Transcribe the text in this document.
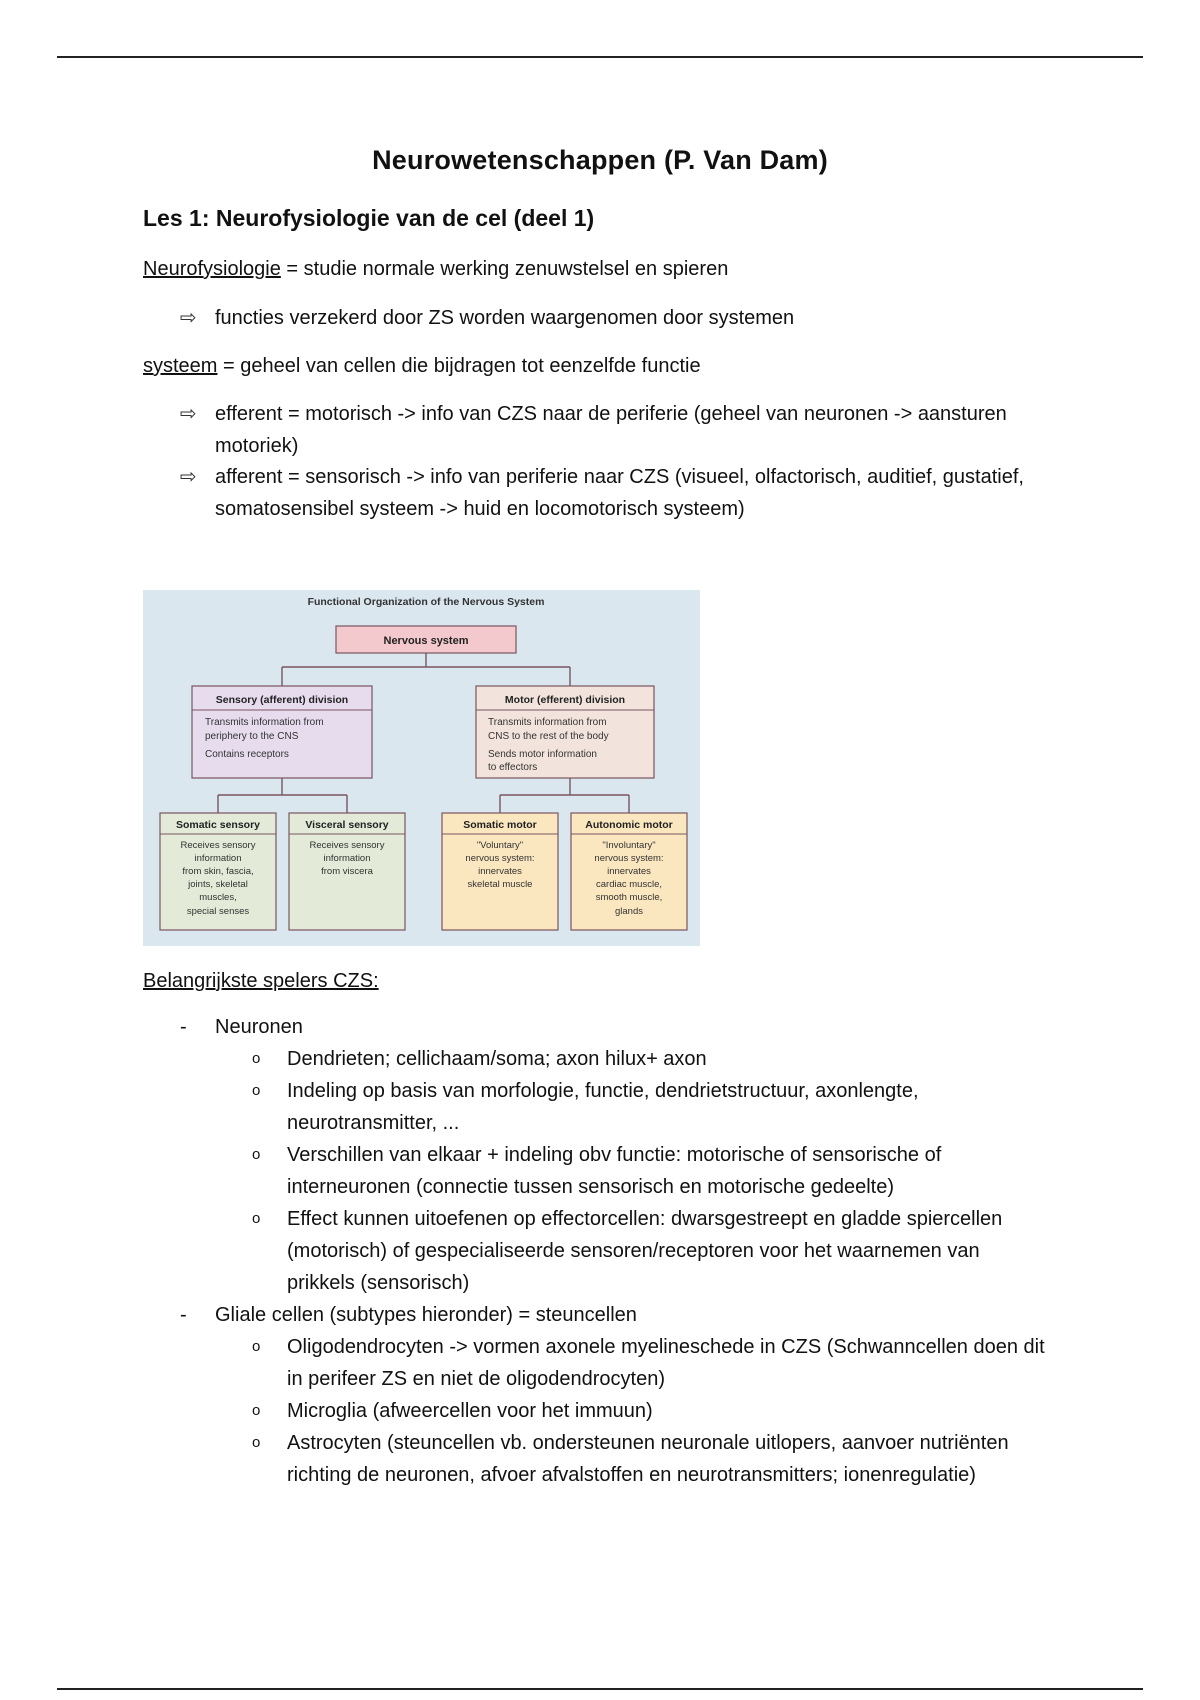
Neurowetenschappen (P. Van Dam)
Les 1: Neurofysiologie van de cel (deel 1)
Neurofysiologie = studie normale werking zenuwstelsel en spieren
⇨ functies verzekerd door ZS worden waargenomen door systemen
systeem = geheel van cellen die bijdragen tot eenzelfde functie
⇨ efferent = motorisch -> info van CZS naar de periferie (geheel van neuronen -> aansturen motoriek)
⇨ afferent = sensorisch -> info van periferie naar CZS (visueel, olfactorisch, auditief, gustatief, somatosensibel systeem -> huid en locomotorisch systeem)
Functional Organization of the Nervous System
Nervous system
Sensory (afferent) division
Transmits information from
periphery to the CNS
Contains receptors
Motor (efferent) division
Transmits information from
CNS to the rest of the body
Sends motor information
to effectors
Somatic sensory
Receives sensory
information
from skin, fascia,
joints, skeletal
muscles,
special senses
Visceral sensory
Receives sensory
information
from viscera
Somatic motor
"Voluntary"
nervous system:
innervates
skeletal muscle
Autonomic motor
"Involuntary"
nervous system:
innervates
cardiac muscle,
smooth muscle,
glands
Belangrijkste spelers CZS:
-	Neuronen
o	Dendrieten; cellichaam/soma; axon hilux+ axon
o	Indeling op basis van morfologie, functie, dendrietstructuur, axonlengte, neurotransmitter, ...
o	Verschillen van elkaar + indeling obv functie: motorische of sensorische of interneuronen (connectie tussen sensorisch en motorische gedeelte)
o	Effect kunnen uitoefenen op effectorcellen: dwarsgestreept en gladde spiercellen (motorisch) of gespecialiseerde sensoren/receptoren voor het waarnemen van prikkels (sensorisch)
-	Gliale cellen (subtypes hieronder) = steuncellen
o	Oligodendrocyten -> vormen axonele myelineschede in CZS (Schwanncellen doen dit in perifeer ZS en niet de oligodendrocyten)
o	Microglia (afweercellen voor het immuun)
o	Astrocyten (steuncellen vb. ondersteunen neuronale uitlopers, aanvoer nutriënten richting de neuronen, afvoer afvalstoffen en neurotransmitters; ionenregulatie)
